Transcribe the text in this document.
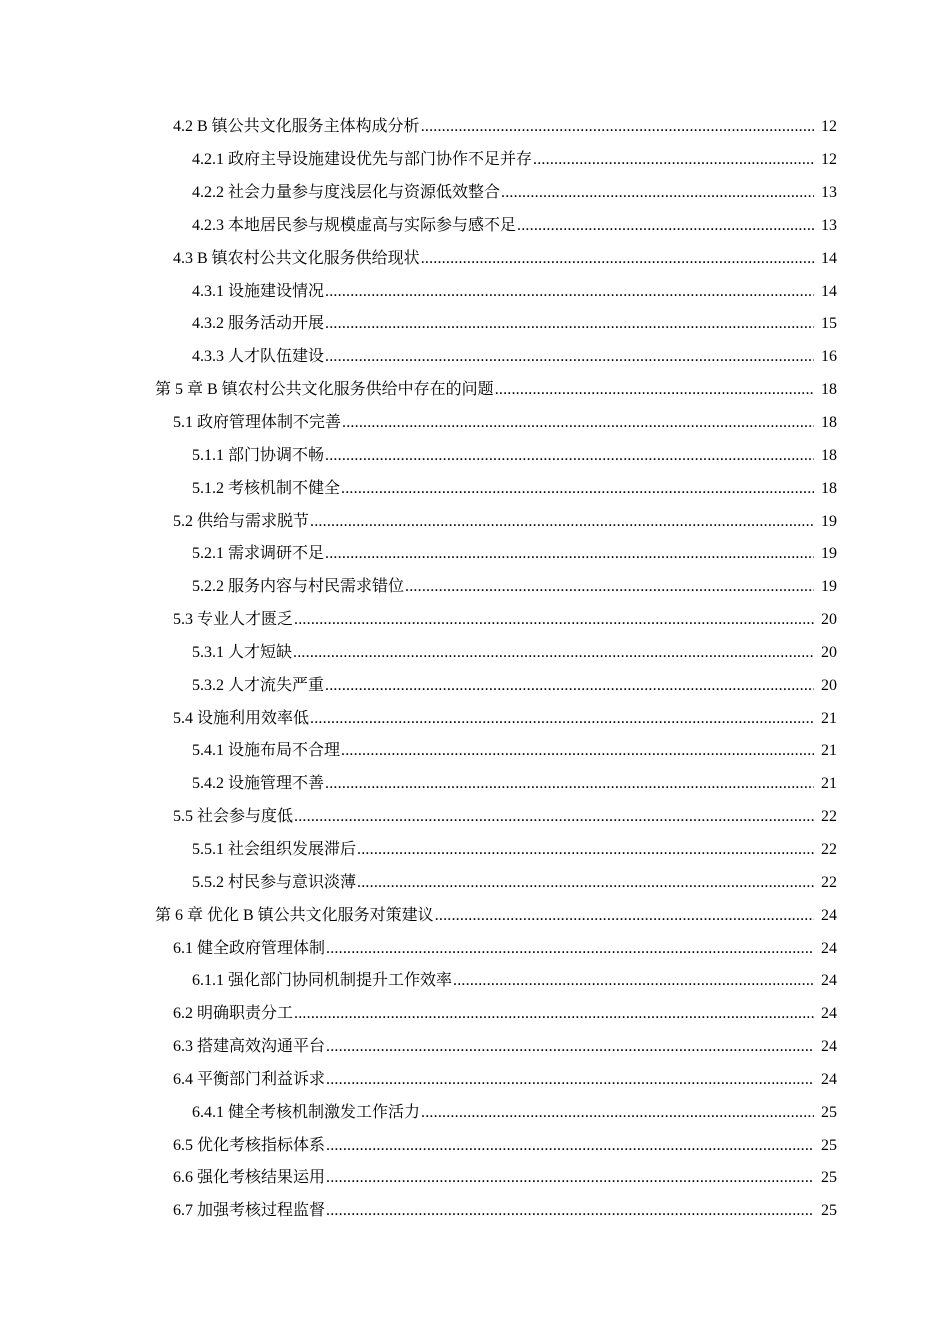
4.2 B 镇公共文化服务主体构成分析 .....	12
4.2.1 政府主导设施建设优先与部门协作不足并存 .....	12
4.2.2 社会力量参与度浅层化与资源低效整合 .....	13
4.2.3 本地居民参与规模虚高与实际参与感不足 .....	13
4.3 B 镇农村公共文化服务供给现状 .....	14
4.3.1 设施建设情况 .....	14
4.3.2 服务活动开展 .....	15
4.3.3 人才队伍建设 .....	16
第 5 章 B 镇农村公共文化服务供给中存在的问题 .....	18
5.1 政府管理体制不完善 .....	18
5.1.1 部门协调不畅 .....	18
5.1.2 考核机制不健全 .....	18
5.2 供给与需求脱节 .....	19
5.2.1 需求调研不足 .....	19
5.2.2 服务内容与村民需求错位 .....	19
5.3 专业人才匮乏 .....	20
5.3.1 人才短缺 .....	20
5.3.2 人才流失严重 .....	20
5.4 设施利用效率低 .....	21
5.4.1 设施布局不合理 .....	21
5.4.2 设施管理不善 .....	21
5.5 社会参与度低 .....	22
5.5.1 社会组织发展滞后 .....	22
5.5.2 村民参与意识淡薄 .....	22
第 6 章 优化 B 镇公共文化服务对策建议 .....	24
6.1 健全政府管理体制 .....	24
6.1.1 强化部门协同机制提升工作效率 .....	24
6.2 明确职责分工 .....	24
6.3 搭建高效沟通平台 .....	24
6.4 平衡部门利益诉求 .....	24
6.4.1 健全考核机制激发工作活力 .....	25
6.5 优化考核指标体系 .....	25
6.6 强化考核结果运用 .....	25
6.7 加强考核过程监督 .....	25
